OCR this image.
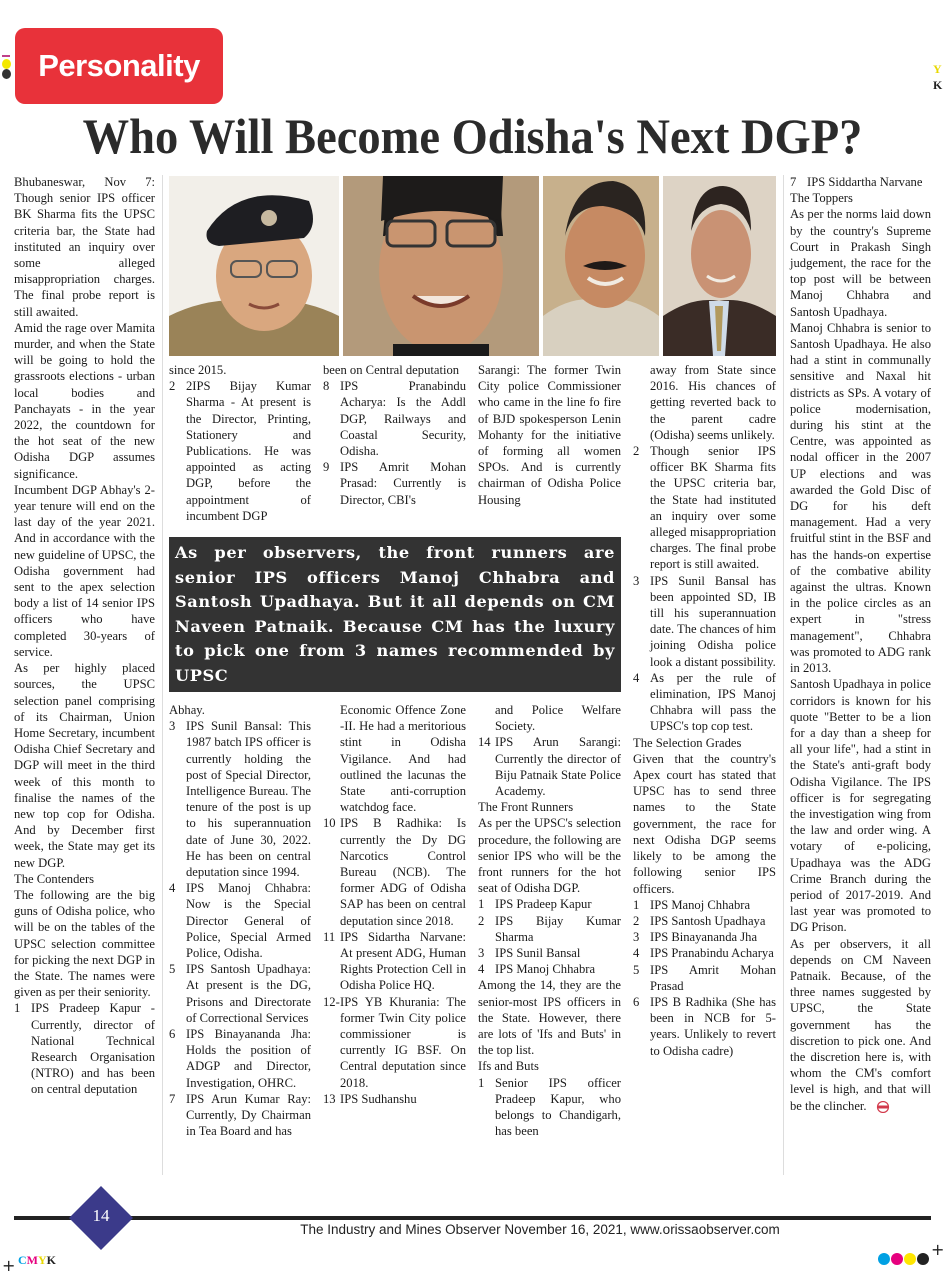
Y
K
Personality
Who Will Become Odisha's Next DGP?

Bhubaneswar, Nov 7: Though senior IPS officer BK Sharma fits the UPSC criteria bar, the State had instituted an inquiry over some alleged misappropriation charges. The final probe report is still awaited.

Amid the rage over Mamita murder, and when the State will be going to hold the grassroots elections - urban local bodies and Panchayats - in the year 2022, the countdown for the hot seat of the new Odisha DGP assumes significance.

Incumbent DGP Abhay's 2-year tenure will end on the last day of the year 2021. And in accordance with the new guideline of UPSC, the Odisha government had sent to the apex selection body a list of 14 senior IPS officers who have completed 30-years of service.

As per highly placed sources, the UPSC selection panel comprising of its Chairman, Union Home Secretary, incumbent Odisha Chief Secretary and DGP will meet in the third week of this month to finalise the names of the new top cop for Odisha. And by December first week, the State may get its new DGP.

The Contenders

The following are the big guns of Odisha police, who will be on the tables of the UPSC selection committee for picking the next DGP in the State. The names were given as per their seniority.

1 IPS Pradeep Kapur - Currently, director of National Technical Research Organisation (NTRO) and has been on central deputation

since 2015.

2 2IPS Bijay Kumar Sharma - At present is the Director, Printing, Stationery and Publications. He was appointed as acting DGP, before the appointment of incumbent DGP

been on Central deputation

8 IPS Pranabindu Acharya: Is the Addl DGP, Railways and Coastal Security, Odisha.
9 IPS Amrit Mohan Prasad: Currently is Director, CBI's

Sarangi: The former Twin City police Commissioner who came in the line fo fire of BJD spokesperson Lenin Mohanty for the initiative of forming all women SPOs. And is currently chairman of Odisha Police Housing

As per observers, the front runners are senior IPS officers Manoj Chhabra and Santosh Upadhaya. But it all depends on CM Naveen Patnaik. Because CM has the luxury to pick one from 3 names recommended by UPSC

Abhay.

3 IPS Sunil Bansal: This 1987 batch IPS officer is currently holding the post of Special Director, Intelligence Bureau. The tenure of the post is up to his superannuation date of June 30, 2022. He has been on central deputation since 1994.
4 IPS Manoj Chhabra: Now is the Special Director General of Police, Special Armed Police, Odisha.
5 IPS Santosh Upadhaya: At present is the DG, Prisons and Directorate of Correctional Services
6 IPS Binayananda Jha: Holds the position of ADGP and Director, Investigation, OHRC.
7 IPS Arun Kumar Ray: Currently, Dy Chairman in Tea Board and has

Economic Offence Zone -II. He had a meritorious stint in Odisha Vigilance. And had outlined the lacunas the State anti-corruption watchdog face.

10 IPS B Radhika: Is currently the Dy DG Narcotics Control Bureau (NCB). The former ADG of Odisha SAP has been on central deputation since 2018.
11 IPS Sidartha Narvane: At present ADG, Human Rights Protection Cell in Odisha Police HQ.
12- IPS YB Khurania: The former Twin City police commissioner is currently IG BSF. On Central deputation since 2018.
13 IPS Sudhanshu

and Police Welfare Society.

14 IPS Arun Sarangi: Currently the director of Biju Patnaik State Police Academy.

The Front Runners

As per the UPSC's selection procedure, the following are senior IPS who will be the front runners for the hot seat of Odisha DGP.

1 IPS Pradeep Kapur
2 IPS Bijay Kumar Sharma
3 IPS Sunil Bansal
4 IPS Manoj Chhabra

Among the 14, they are the senior-most IPS officers in the State. However, there are lots of 'Ifs and Buts' in the top list.

Ifs and Buts

1 Senior IPS officer Pradeep Kapur, who belongs to Chandigarh, has been

away from State since 2016. His chances of getting reverted back to the parent cadre (Odisha) seems unlikely.

2 Though senior IPS officer BK Sharma fits the UPSC criteria bar, the State had instituted an inquiry over some alleged misappropriation charges. The final probe report is still awaited.
3 IPS Sunil Bansal has been appointed SD, IB till his superannuation date. The chances of him joining Odisha police look a distant possibility.
4 As per the rule of elimination, IPS Manoj Chhabra will pass the UPSC's top cop test.

The Selection Grades

Given that the country's Apex court has stated that UPSC has to send three names to the State government, the race for next Odisha DGP seems likely to be among the following senior IPS officers.

1 IPS Manoj Chhabra
2 IPS Santosh Upadhaya
3 IPS Binayananda Jha
4 IPS Pranabindu Acharya
5 IPS Amrit Mohan Prasad
6 IPS B Radhika (She has been in NCB for 5-years. Unlikely to revert to Odisha cadre)
7 IPS Siddartha Narvane

The Toppers

As per the norms laid down by the country's Supreme Court in Prakash Singh judgement, the race for the top post will be between Manoj Chhabra and Santosh Upadhaya.

Manoj Chhabra is senior to Santosh Upadhaya. He also had a stint in communally sensitive and Naxal hit districts as SPs. A votary of police modernisation, during his stint at the Centre, was appointed as nodal officer in the 2007 UP elections and was awarded the Gold Disc of DG for his deft management. Had a very fruitful stint in the BSF and has the hands-on expertise of the combative ability against the ultras. Known in the police circles as an expert in "stress management", Chhabra was promoted to ADG rank in 2013.

Santosh Upadhaya in police corridors is known for his quote "Better to be a lion for a day than a sheep for all your life", had a stint in the State's anti-graft body Odisha Vigilance. The IPS officer is for segregating the investigation wing from the law and order wing. A votary of e-policing, Upadhaya was the ADG Crime Branch during the period of 2017-2019. And last year was promoted to DG Prison.

As per observers, it all depends on CM Naveen Patnaik. Because, of the three names suggested by UPSC, the State government has the discretion to pick one. And the discretion here is, with whom the CM's comfort level is high, and that will be the clincher.

14
The Industry and Mines Observer November 16, 2021, www.orissaobserver.com
+ CMYK
+
